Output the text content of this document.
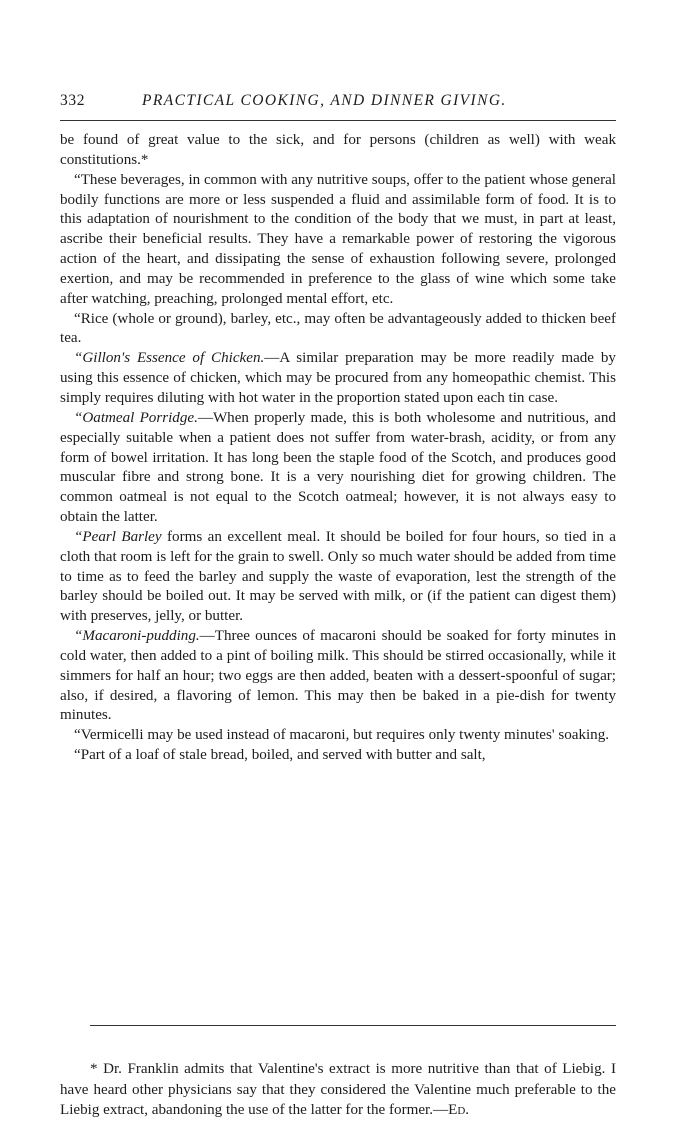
332	PRACTICAL COOKING, AND DINNER GIVING.

be found of great value to the sick, and for persons (children as well) with weak constitutions.*

“These beverages, in common with any nutritive soups, offer to the patient whose general bodily functions are more or less suspended a fluid and assimilable form of food. It is to this adaptation of nourishment to the condition of the body that we must, in part at least, ascribe their beneficial results. They have a remarkable power of restoring the vigorous action of the heart, and dissipating the sense of exhaustion following severe, prolonged exertion, and may be recommended in preference to the glass of wine which some take after watching, preaching, prolonged mental effort, etc.

“Rice (whole or ground), barley, etc., may often be advantageously added to thicken beef tea.

“Gillon's Essence of Chicken.—A similar preparation may be more readily made by using this essence of chicken, which may be procured from any homeopathic chemist. This simply requires diluting with hot water in the proportion stated upon each tin case.

“Oatmeal Porridge.—When properly made, this is both wholesome and nutritious, and especially suitable when a patient does not suffer from water-brash, acidity, or from any form of bowel irritation. It has long been the staple food of the Scotch, and produces good muscular fibre and strong bone. It is a very nourishing diet for growing children. The common oatmeal is not equal to the Scotch oatmeal; however, it is not always easy to obtain the latter.

“Pearl Barley forms an excellent meal. It should be boiled for four hours, so tied in a cloth that room is left for the grain to swell. Only so much water should be added from time to time as to feed the barley and supply the waste of evaporation, lest the strength of the barley should be boiled out. It may be served with milk, or (if the patient can digest them) with preserves, jelly, or butter.

“Macaroni-pudding.—Three ounces of macaroni should be soaked for forty minutes in cold water, then added to a pint of boiling milk. This should be stirred occasionally, while it simmers for half an hour; two eggs are then added, beaten with a dessert-spoonful of sugar; also, if desired, a flavoring of lemon. This may then be baked in a pie-dish for twenty minutes.

“Vermicelli may be used instead of macaroni, but requires only twenty minutes' soaking.

“Part of a loaf of stale bread, boiled, and served with butter and salt,

* Dr. Franklin admits that Valentine's extract is more nutritive than that of Liebig. I have heard other physicians say that they considered the Valentine much preferable to the Liebig extract, abandoning the use of the latter for the former.—Ed.
